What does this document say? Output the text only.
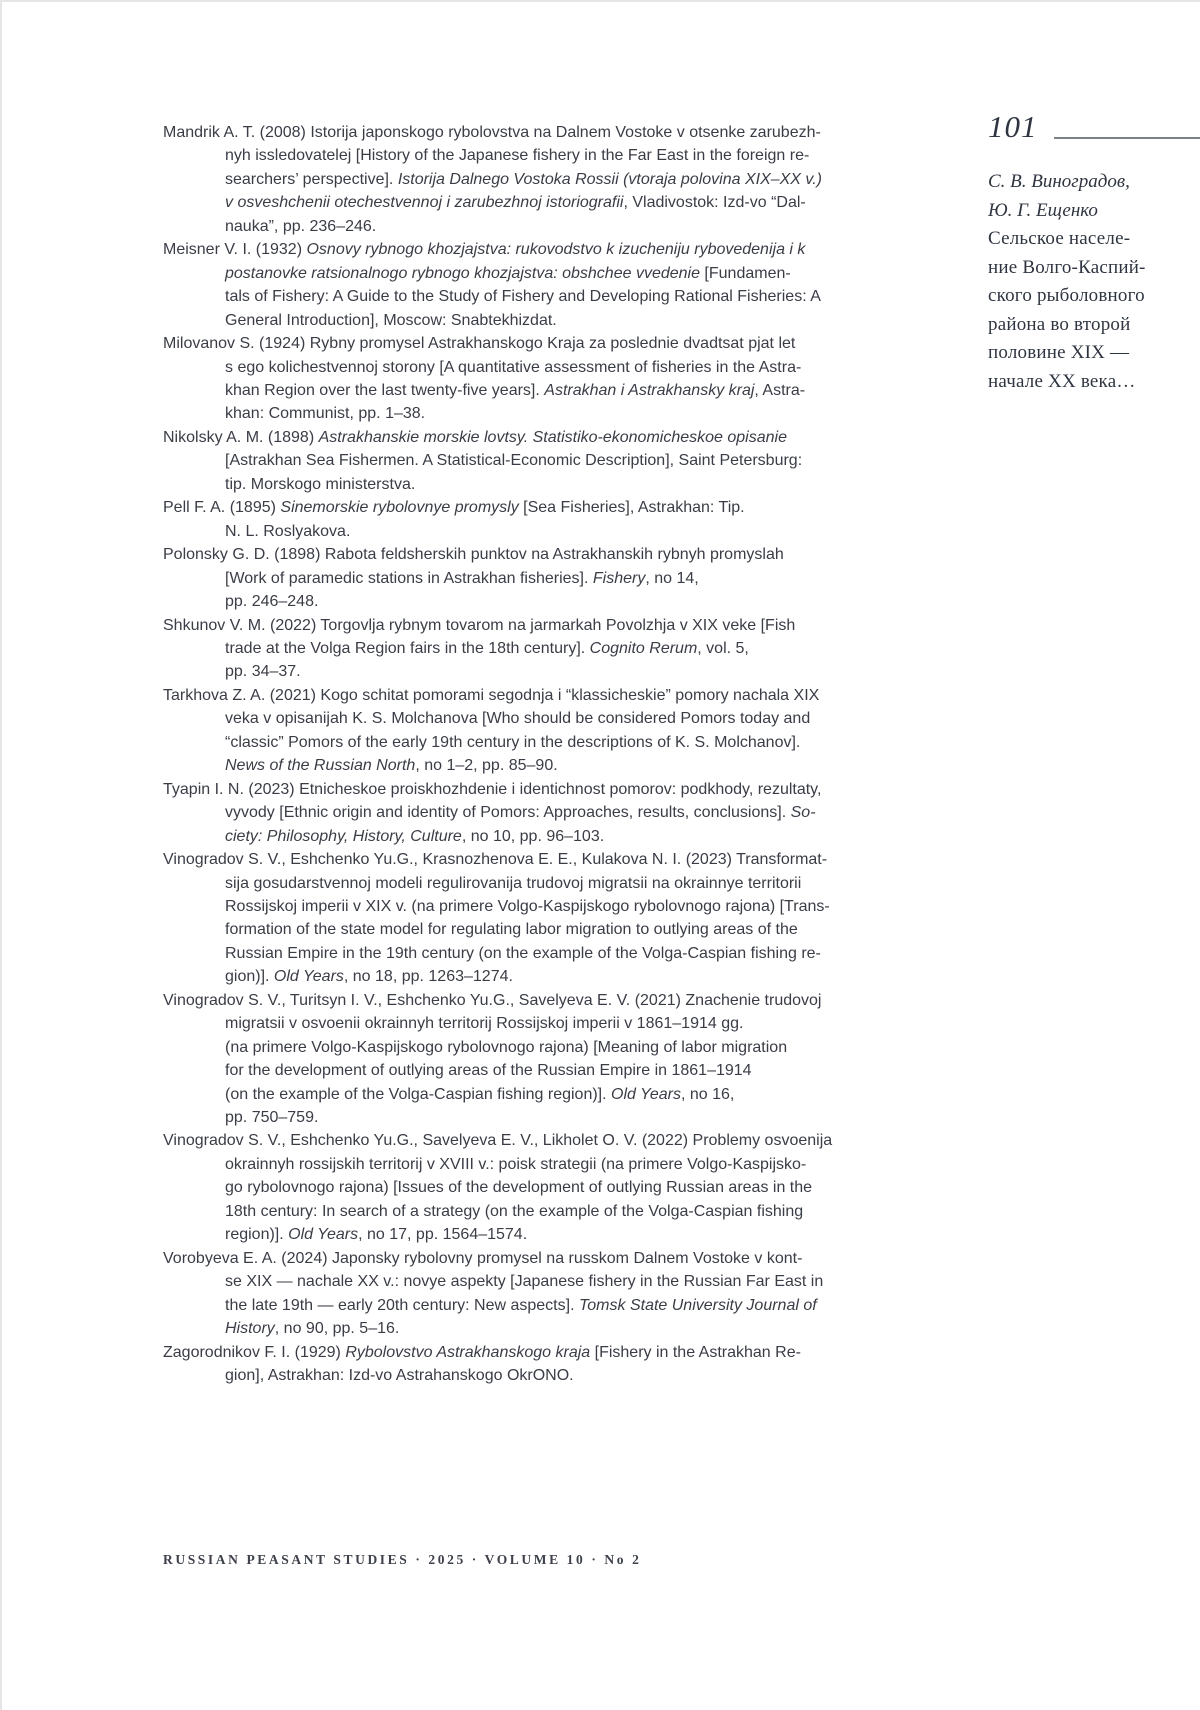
Mandrik A. T. (2008) Istorija japonskogo rybolovstva na Dalnem Vostoke v otsenke zarubezh-
nyh issledovatelej [History of the Japanese fishery in the Far East in the foreign re-
searchers’ perspective]. Istorija Dalnego Vostoka Rossii (vtoraja polovina XIX–XX v.)
v osveshchenii otechestvennoj i zarubezhnoj istoriografii, Vladivostok: Izd-vo “Dal-
nauka”, pp. 236–246.
Meisner V. I. (1932) Osnovy rybnogo khozjajstva: rukovodstvo k izucheniju rybovedenija i k
postanovke ratsionalnogo rybnogo khozjajstva: obshchee vvedenie [Fundamen-
tals of Fishery: A Guide to the Study of Fishery and Developing Rational Fisheries: A
General Introduction], Moscow: Snabtekhizdat.
Milovanov S. (1924) Rybny promysel Astrakhanskogo Kraja za poslednie dvadtsat pjat let
s ego kolichestvennoj storony [A quantitative assessment of fisheries in the Astra-
khan Region over the last twenty-five years]. Astrakhan i Astrakhansky kraj, Astra-
khan: Communist, pp. 1–38.
Nikolsky A. M. (1898) Astrakhanskie morskie lovtsy. Statistiko-ekonomicheskoe opisanie
[Astrakhan Sea Fishermen. A Statistical-Economic Description], Saint Petersburg:
tip. Morskogo ministerstva.
Pell F. A. (1895) Sinemorskie rybolovnye promysly [Sea Fisheries], Astrakhan: Tip.
N. L. Roslyakova.
Polonsky G. D. (1898) Rabota feldsherskih punktov na Astrakhanskih rybnyh promyslah
[Work of paramedic stations in Astrakhan fisheries]. Fishery, no 14,
pp. 246–248.
Shkunov V. M. (2022) Torgovlja rybnym tovarom na jarmarkah Povolzhja v XIX veke [Fish
trade at the Volga Region fairs in the 18th century]. Cognito Rerum, vol. 5,
pp. 34–37.
Tarkhova Z. A. (2021) Kogo schitat pomorami segodnja i “klassicheskie” pomory nachala XIX
veka v opisanijah K. S. Molchanova [Who should be considered Pomors today and
“classic” Pomors of the early 19th century in the descriptions of K. S. Molchanov].
News of the Russian North, no 1–2, pp. 85–90.
Tyapin I. N. (2023) Etnicheskoe proiskhozhdenie i identichnost pomorov: podkhody, rezultaty,
vyvody [Ethnic origin and identity of Pomors: Approaches, results, conclusions]. So-
ciety: Philosophy, History, Culture, no 10, pp. 96–103.
Vinogradov S. V., Eshchenko Yu.G., Krasnozhenova E. E., Kulakova N. I. (2023) Transformat-
sija gosudarstvennoj modeli regulirovanija trudovoj migratsii na okrainnye territorii
Rossijskoj imperii v XIX v. (na primere Volgo-Kaspijskogo rybolovnogo rajona) [Trans-
formation of the state model for regulating labor migration to outlying areas of the
Russian Empire in the 19th century (on the example of the Volga-Caspian fishing re-
gion)]. Old Years, no 18, pp. 1263–1274.
Vinogradov S. V., Turitsyn I. V., Eshchenko Yu.G., Savelyeva E. V. (2021) Znachenie trudovoj
migratsii v osvoenii okrainnyh territorij Rossijskoj imperii v 1861–1914 gg.
(na primere Volgo-Kaspijskogo rybolovnogo rajona) [Meaning of labor migration
for the development of outlying areas of the Russian Empire in 1861–1914
(on the example of the Volga-Caspian fishing region)]. Old Years, no 16,
pp. 750–759.
Vinogradov S. V., Eshchenko Yu.G., Savelyeva E. V., Likholet O. V. (2022) Problemy osvoenija
okrainnyh rossijskih territorij v XVIII v.: poisk strategii (na primere Volgo-Kaspijsko-
go rybolovnogo rajona) [Issues of the development of outlying Russian areas in the
18th century: In search of a strategy (on the example of the Volga-Caspian fishing
region)]. Old Years, no 17, pp. 1564–1574.
Vorobyeva E. A. (2024) Japonsky rybolovny promysel na russkom Dalnem Vostoke v kont-
se XIX — nachale XX v.: novye aspekty [Japanese fishery in the Russian Far East in
the late 19th — early 20th century: New aspects]. Tomsk State University Journal of
History, no 90, pp. 5–16.
Zagorodnikov F. I. (1929) Rybolovstvo Astrakhanskogo kraja [Fishery in the Astrakhan Re-
gion], Astrakhan: Izd-vo Astrahanskogo OkrONO.
101
С. В. Виноградов,
Ю. Г. Ещенко
Сельское населе-
ние Волго-Каспий-
ского рыболовного
района во второй
половине XIX —
начале XX века…
RUSSIAN PEASANT STUDIES · 2025 · VOLUME 10 · No 2
